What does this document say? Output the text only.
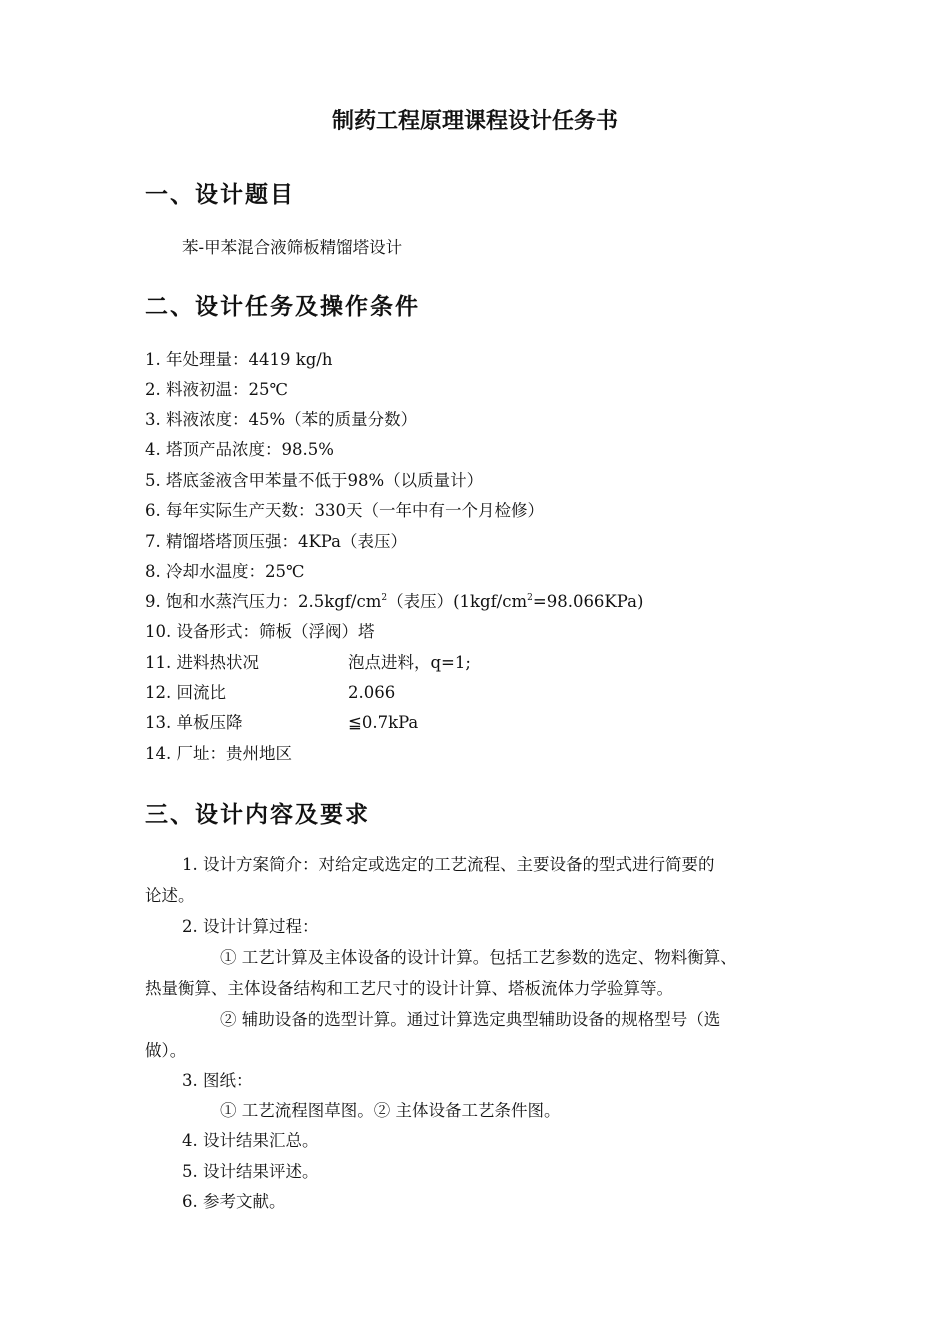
制药工程原理课程设计任务书
一、设计题目
苯-甲苯混合液筛板精馏塔设计
二、设计任务及操作条件
1. 年处理量：4419 kg/h
2. 料液初温：25℃
3. 料液浓度：45%（苯的质量分数）
4. 塔顶产品浓度：98.5%
5. 塔底釜液含甲苯量不低于98%（以质量计）
6. 每年实际生产天数：330天（一年中有一个月检修）
7. 精馏塔塔顶压强：4KPa（表压）
8. 冷却水温度：25℃
9. 饱和水蒸汽压力：$2.5kgf/cm^2$（表压）$(1kgf/cm^2=98.066KPa)$
10. 设备形式：筛板（浮阀）塔
11. 进料热状况	泡点进料，q=1;
12. 回流比	2.066
13. 单板压降	≦0.7kPa
14. 厂址：贵州地区
三、设计内容及要求
1. 设计方案简介：对给定或选定的工艺流程、主要设备的型式进行简要的
论述。
2. 设计计算过程：
① 工艺计算及主体设备的设计计算。包括工艺参数的选定、物料衡算、
热量衡算、主体设备结构和工艺尺寸的设计计算、塔板流体力学验算等。
② 辅助设备的选型计算。通过计算选定典型辅助设备的规格型号（选
做）。
3. 图纸：
① 工艺流程图草图。② 主体设备工艺条件图。
4. 设计结果汇总。
5. 设计结果评述。
6. 参考文献。
